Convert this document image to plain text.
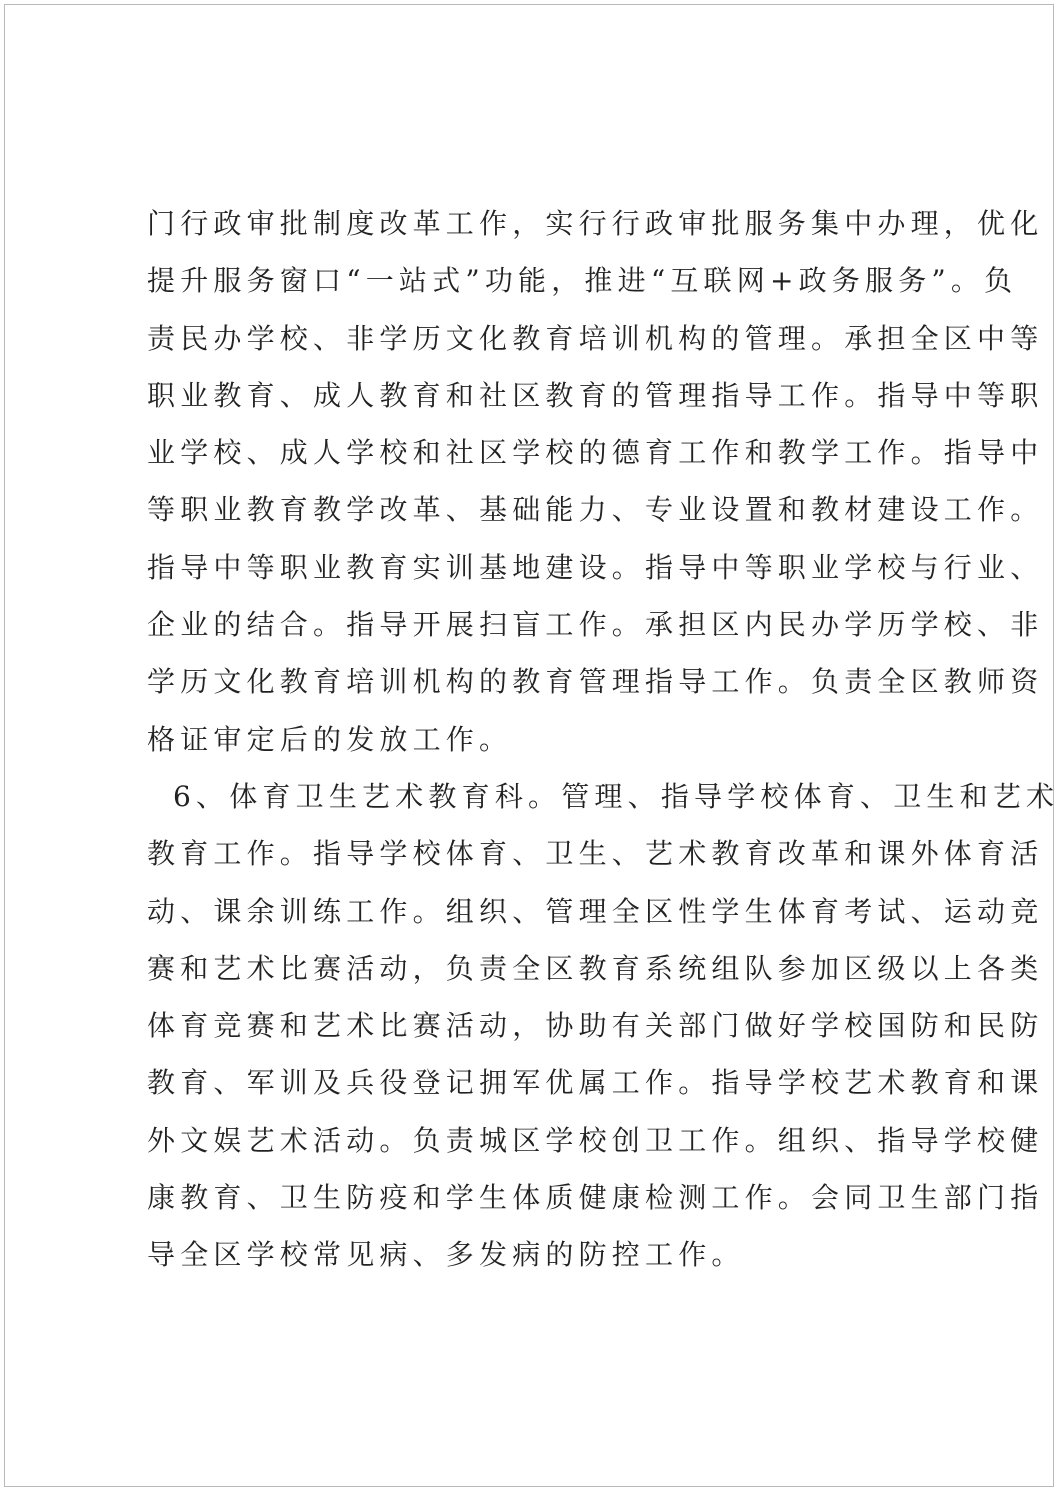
门行政审批制度改革工作，实行行政审批服务集中办理，优化
提升服务窗口“一站式”功能，推进“互联网+政务服务”。负
责民办学校、非学历文化教育培训机构的管理。承担全区中等
职业教育、成人教育和社区教育的管理指导工作。指导中等职
业学校、成人学校和社区学校的德育工作和教学工作。指导中
等职业教育教学改革、基础能力、专业设置和教材建设工作。
指导中等职业教育实训基地建设。指导中等职业学校与行业、
企业的结合。指导开展扫盲工作。承担区内民办学历学校、非
学历文化教育培训机构的教育管理指导工作。负责全区教师资
格证审定后的发放工作。
6、体育卫生艺术教育科。管理、指导学校体育、卫生和艺术
教育工作。指导学校体育、卫生、艺术教育改革和课外体育活
动、课余训练工作。组织、管理全区性学生体育考试、运动竞
赛和艺术比赛活动，负责全区教育系统组队参加区级以上各类
体育竞赛和艺术比赛活动，协助有关部门做好学校国防和民防
教育、军训及兵役登记拥军优属工作。指导学校艺术教育和课
外文娱艺术活动。负责城区学校创卫工作。组织、指导学校健
康教育、卫生防疫和学生体质健康检测工作。会同卫生部门指
导全区学校常见病、多发病的防控工作。
